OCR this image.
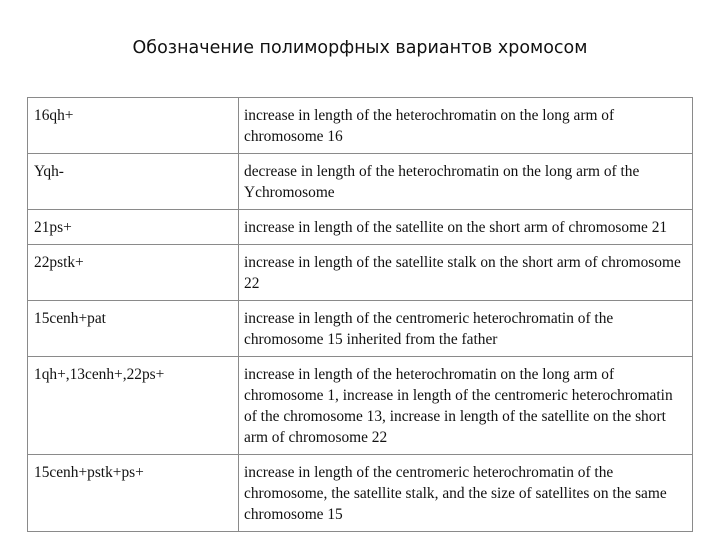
Обозначение полиморфных вариантов хромосом
16qh+	increase in length of the heterochromatin on the long arm of chromosome 16
Yqh-	decrease in length of the heterochromatin on the long arm of the Ychromosome
21ps+	increase in length of the satellite on the short arm of chromosome 21
22pstk+	increase in length of the satellite stalk on the short arm of chromosome 22
15cenh+pat	increase in length of the centromeric heterochromatin of the chromosome 15 inherited from the father
1qh+,13cenh+,22ps+	increase in length of the heterochromatin on the long arm of chromosome 1, increase in length of the centromeric heterochromatin of the chromosome 13, increase in length of the satellite on the short arm of chromosome 22
15cenh+pstk+ps+	increase in length of the centromeric heterochromatin of the chromosome, the satellite stalk, and the size of satellites on the same chromosome 15
